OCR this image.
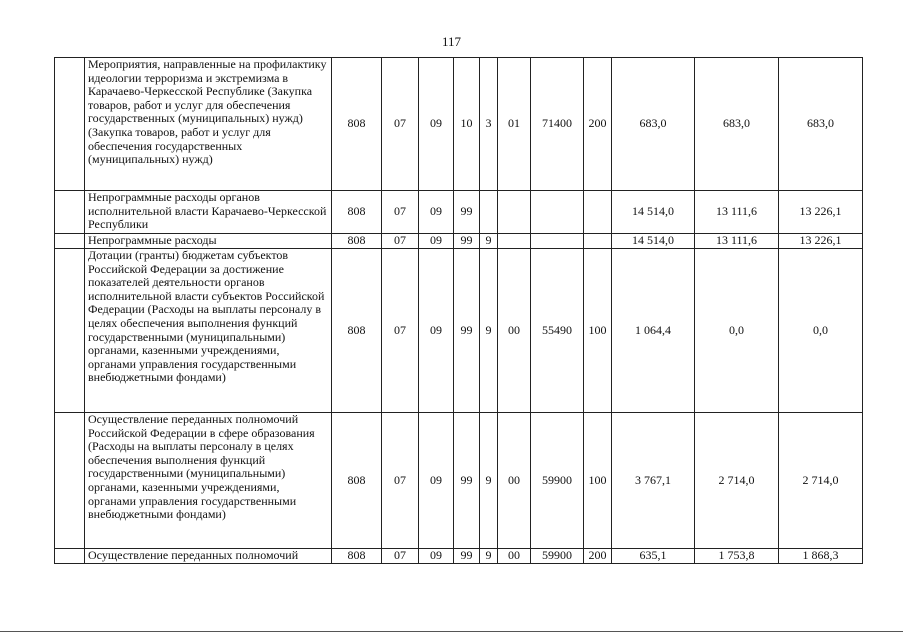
117
	Мероприятия, направленные на профилактику идеологии терроризма и экстремизма в Карачаево-Черкесской Республике (Закупка товаров, работ и услуг для обеспечения государственных (муниципальных) нужд) (Закупка товаров, работ и услуг для обеспечения государственных (муниципальных) нужд)	808	07	09	10	3	01	71400	200	683,0	683,0	683,0
	Непрограммные расходы органов исполнительной власти Карачаево-Черкесской Республики	808	07	09	99					14 514,0	13 111,6	13 226,1
	Непрограммные расходы	808	07	09	99	9				14 514,0	13 111,6	13 226,1
	Дотации (гранты) бюджетам субъектов Российской Федерации за достижение показателей деятельности органов исполнительной власти субъектов Российской Федерации (Расходы на выплаты персоналу в целях обеспечения выполнения функций государственными (муниципальными) органами, казенными учреждениями, органами управления государственными внебюджетными фондами)	808	07	09	99	9	00	55490	100	1 064,4	0,0	0,0
	Осуществление переданных полномочий Российской Федерации в сфере образования (Расходы на выплаты персоналу в целях обеспечения выполнения функций государственными (муниципальными) органами, казенными учреждениями, органами управления государственными внебюджетными фондами)	808	07	09	99	9	00	59900	100	3 767,1	2 714,0	2 714,0
	Осуществление переданных полномочий	808	07	09	99	9	00	59900	200	635,1	1 753,8	1 868,3
